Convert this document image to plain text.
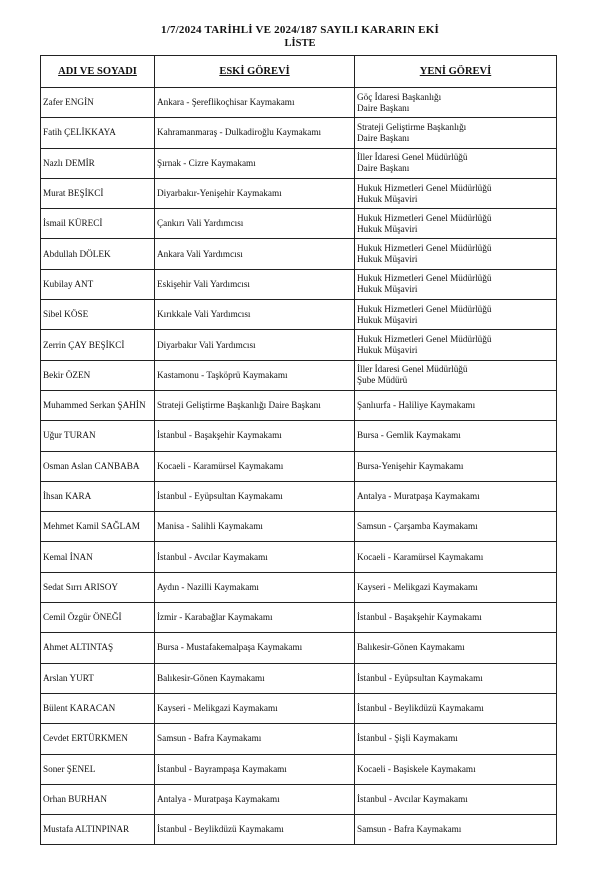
1/7/2024 TARİHLİ VE 2024/187 SAYILI KARARIN EKİ
LİSTE
ADI VE SOYADI	ESKİ GÖREVİ	YENİ GÖREVİ
Zafer ENGİN	Ankara - Şereflikoçhisar Kaymakamı	Göç İdaresi Başkanlığı
Daire Başkanı

Fatih ÇELİKKAYA	Kahramanmaraş - Dulkadiroğlu Kaymakamı	Strateji Geliştirme Başkanlığı
Daire Başkanı

Nazlı DEMİR	Şırnak - Cizre Kaymakamı	İller İdaresi Genel Müdürlüğü
Daire Başkanı

Murat BEŞİKCİ	Diyarbakır-Yenişehir Kaymakamı	Hukuk Hizmetleri Genel Müdürlüğü
Hukuk Müşaviri

İsmail KÜRECİ	Çankırı Vali Yardımcısı	Hukuk Hizmetleri Genel Müdürlüğü
Hukuk Müşaviri

Abdullah DÖLEK	Ankara Vali Yardımcısı	Hukuk Hizmetleri Genel Müdürlüğü
Hukuk Müşaviri

Kubilay ANT	Eskişehir Vali Yardımcısı	Hukuk Hizmetleri Genel Müdürlüğü
Hukuk Müşaviri

Sibel KÖSE	Kırıkkale Vali Yardımcısı	Hukuk Hizmetleri Genel Müdürlüğü
Hukuk Müşaviri

Zerrin ÇAY BEŞİKCİ	Diyarbakır Vali Yardımcısı	Hukuk Hizmetleri Genel Müdürlüğü
Hukuk Müşaviri

Bekir ÖZEN	Kastamonu - Taşköprü Kaymakamı	İller İdaresi Genel Müdürlüğü
Şube Müdürü

Muhammed Serkan ŞAHİN	Strateji Geliştirme Başkanlığı Daire Başkanı	Şanlıurfa - Haliliye Kaymakamı

Uğur TURAN	İstanbul - Başakşehir Kaymakamı	Bursa - Gemlik Kaymakamı

Osman Aslan CANBABA	Kocaeli - Karamürsel Kaymakamı	Bursa-Yenişehir Kaymakamı

İhsan KARA	İstanbul - Eyüpsultan Kaymakamı	Antalya - Muratpaşa Kaymakamı

Mehmet Kamil SAĞLAM	Manisa - Salihli Kaymakamı	Samsun - Çarşamba Kaymakamı

Kemal İNAN	İstanbul - Avcılar Kaymakamı	Kocaeli - Karamürsel Kaymakamı

Sedat Sırrı ARISOY	Aydın - Nazilli Kaymakamı	Kayseri - Melikgazi Kaymakamı

Cemil Özgür ÖNEĞİ	İzmir - Karabağlar Kaymakamı	İstanbul - Başakşehir Kaymakamı

Ahmet ALTINTAŞ	Bursa - Mustafakemalpaşa Kaymakamı	Balıkesir-Gönen Kaymakamı

Arslan YURT	Balıkesir-Gönen Kaymakamı	İstanbul - Eyüpsultan Kaymakamı

Bülent KARACAN	Kayseri - Melikgazi Kaymakamı	İstanbul - Beylikdüzü Kaymakamı

Cevdet ERTÜRKMEN	Samsun - Bafra Kaymakamı	İstanbul - Şişli Kaymakamı

Soner ŞENEL	İstanbul - Bayrampaşa Kaymakamı	Kocaeli - Başiskele Kaymakamı

Orhan BURHAN	Antalya - Muratpaşa Kaymakamı	İstanbul - Avcılar Kaymakamı

Mustafa ALTINPINAR	İstanbul - Beylikdüzü Kaymakamı	Samsun - Bafra Kaymakamı
